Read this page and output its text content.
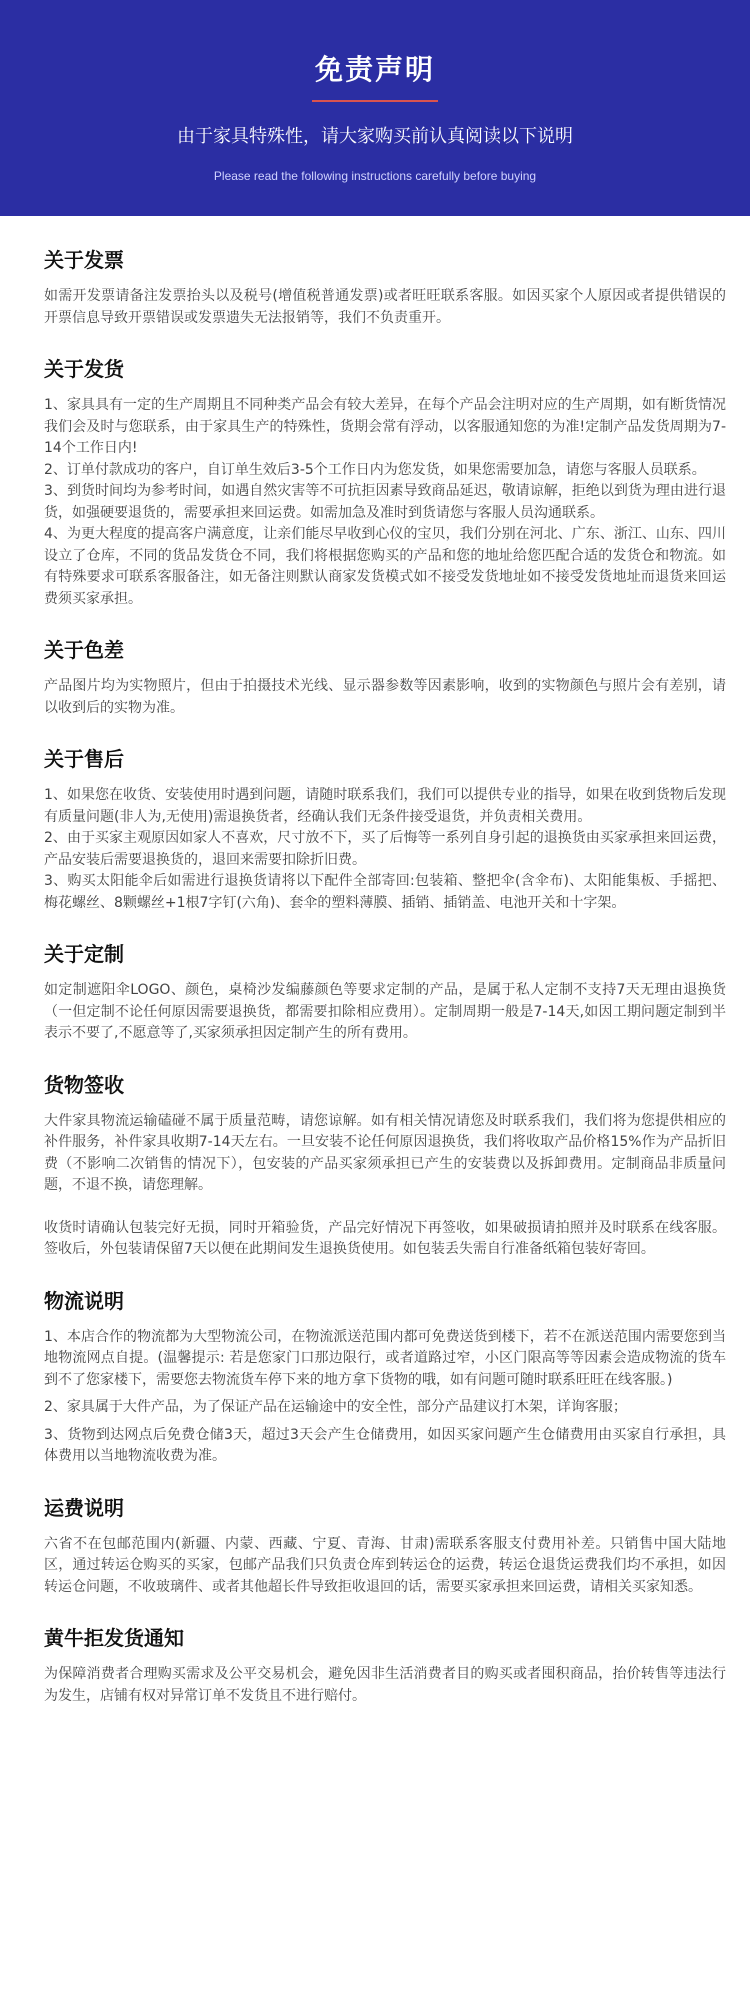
免责声明
由于家具特殊性，请大家购买前认真阅读以下说明
Please read the following instructions carefully before buying
关于发票

如需开发票请备注发票抬头以及税号(增值税普通发票)或者旺旺联系客服。如因买家个人原因或者提供错误的开票信息导致开票错误或发票遗失无法报销等，我们不负责重开。

关于发货

1、家具具有一定的生产周期且不同种类产品会有较大差异，在每个产品会注明对应的生产周期，如有断货情况我们会及时与您联系，由于家具生产的特殊性，货期会常有浮动，以客服通知您的为准!定制产品发货周期为7-14个工作日内!

2、订单付款成功的客户，自订单生效后3-5个工作日内为您发货，如果您需要加急，请您与客服人员联系。

3、到货时间均为参考时间，如遇自然灾害等不可抗拒因素导致商品延迟，敬请谅解，拒绝以到货为理由进行退货，如强硬要退货的，需要承担来回运费。如需加急及准时到货请您与客服人员沟通联系。

4、为更大程度的提高客户满意度，让亲们能尽早收到心仪的宝贝，我们分别在河北、广东、浙江、山东、四川设立了仓库，不同的货品发货仓不同，我们将根据您购买的产品和您的地址给您匹配合适的发货仓和物流。如有特殊要求可联系客服备注，如无备注则默认商家发货模式如不接受发货地址如不接受发货地址而退货来回运费须买家承担。

关于色差

产品图片均为实物照片，但由于拍摄技术光线、显示器参数等因素影响，收到的实物颜色与照片会有差别，请以收到后的实物为准。

关于售后

1、如果您在收货、安装使用时遇到问题，请随时联系我们，我们可以提供专业的指导，如果在收到货物后发现有质量问题(非人为,无使用)需退换货者，经确认我们无条件接受退货，并负责相关费用。

2、由于买家主观原因如家人不喜欢，尺寸放不下，买了后悔等一系列自身引起的退换货由买家承担来回运费，产品安装后需要退换货的，退回来需要扣除折旧费。

3、购买太阳能伞后如需进行退换货请将以下配件全部寄回:包装箱、整把伞(含伞布)、太阳能集板、手摇把、梅花螺丝、8颗螺丝+1根7字钉(六角)、套伞的塑料薄膜、插销、插销盖、电池开关和十字架。

关于定制

如定制遮阳伞LOGO、颜色，桌椅沙发编藤颜色等要求定制的产品，是属于私人定制不支持7天无理由退换货（一但定制不论任何原因需要退换货，都需要扣除相应费用）。定制周期一般是7-14天,如因工期问题定制到半表示不要了,不愿意等了,买家须承担因定制产生的所有费用。

货物签收

大件家具物流运输磕碰不属于质量范畴，请您谅解。如有相关情况请您及时联系我们，我们将为您提供相应的补件服务，补件家具收期7-14天左右。一旦安装不论任何原因退换货，我们将收取产品价格15%作为产品折旧费（不影响二次销售的情况下），包安装的产品买家须承担已产生的安装费以及拆卸费用。定制商品非质量问题，不退不换，请您理解。

收货时请确认包装完好无损，同时开箱验货，产品完好情况下再签收，如果破损请拍照并及时联系在线客服。签收后，外包装请保留7天以便在此期间发生退换货使用。如包装丢失需自行准备纸箱包装好寄回。

物流说明

1、本店合作的物流都为大型物流公司，在物流派送范围内都可免费送货到楼下，若不在派送范围内需要您到当地物流网点自提。(温馨提示: 若是您家门口那边限行，或者道路过窄，小区门限高等等因素会造成物流的货车到不了您家楼下，需要您去物流货车停下来的地方拿下货物的哦，如有问题可随时联系旺旺在线客服。)

2、家具属于大件产品，为了保证产品在运输途中的安全性，部分产品建议打木架，详询客服；

3、货物到达网点后免费仓储3天，超过3天会产生仓储费用，如因买家问题产生仓储费用由买家自行承担，具体费用以当地物流收费为准。

运费说明

六省不在包邮范围内(新疆、内蒙、西藏、宁夏、青海、甘肃)需联系客服支付费用补差。只销售中国大陆地区，通过转运仓购买的买家，包邮产品我们只负责仓库到转运仓的运费，转运仓退货运费我们均不承担，如因转运仓问题，不收玻璃件、或者其他超长件导致拒收退回的话，需要买家承担来回运费，请相关买家知悉。

黄牛拒发货通知

为保障消费者合理购买需求及公平交易机会，避免因非生活消费者目的购买或者囤积商品，抬价转售等违法行为发生，店铺有权对异常订单不发货且不进行赔付。
